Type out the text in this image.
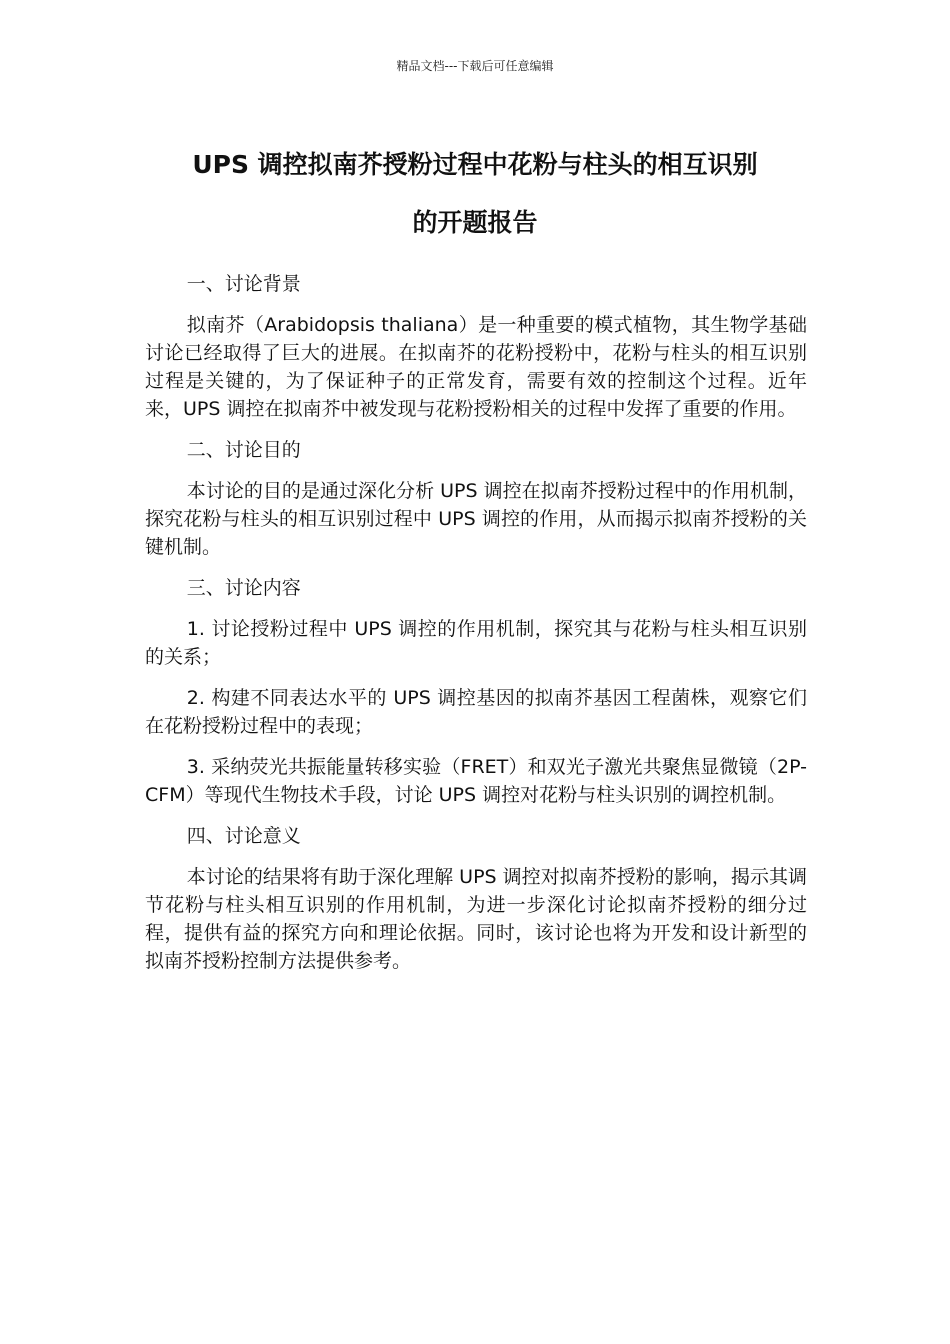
精品文档---下载后可任意编辑
UPS 调控拟南芥授粉过程中花粉与柱头的相互识别
的开题报告

一、讨论背景

拟南芥（Arabidopsis thaliana）是一种重要的模式植物，其生物学基础讨论已经取得了巨大的进展。在拟南芥的花粉授粉中，花粉与柱头的相互识别过程是关键的，为了保证种子的正常发育，需要有效的控制这个过程。近年来，UPS 调控在拟南芥中被发现与花粉授粉相关的过程中发挥了重要的作用。

二、讨论目的

本讨论的目的是通过深化分析 UPS 调控在拟南芥授粉过程中的作用机制，探究花粉与柱头的相互识别过程中 UPS 调控的作用，从而揭示拟南芥授粉的关键机制。

三、讨论内容

1. 讨论授粉过程中 UPS 调控的作用机制，探究其与花粉与柱头相互识别的关系；

2. 构建不同表达水平的 UPS 调控基因的拟南芥基因工程菌株，观察它们在花粉授粉过程中的表现；

3. 采纳荧光共振能量转移实验（FRET）和双光子激光共聚焦显微镜（2P-CFM）等现代生物技术手段，讨论 UPS 调控对花粉与柱头识别的调控机制。

四、讨论意义

本讨论的结果将有助于深化理解 UPS 调控对拟南芥授粉的影响，揭示其调节花粉与柱头相互识别的作用机制，为进一步深化讨论拟南芥授粉的细分过程，提供有益的探究方向和理论依据。同时，该讨论也将为开发和设计新型的拟南芥授粉控制方法提供参考。
